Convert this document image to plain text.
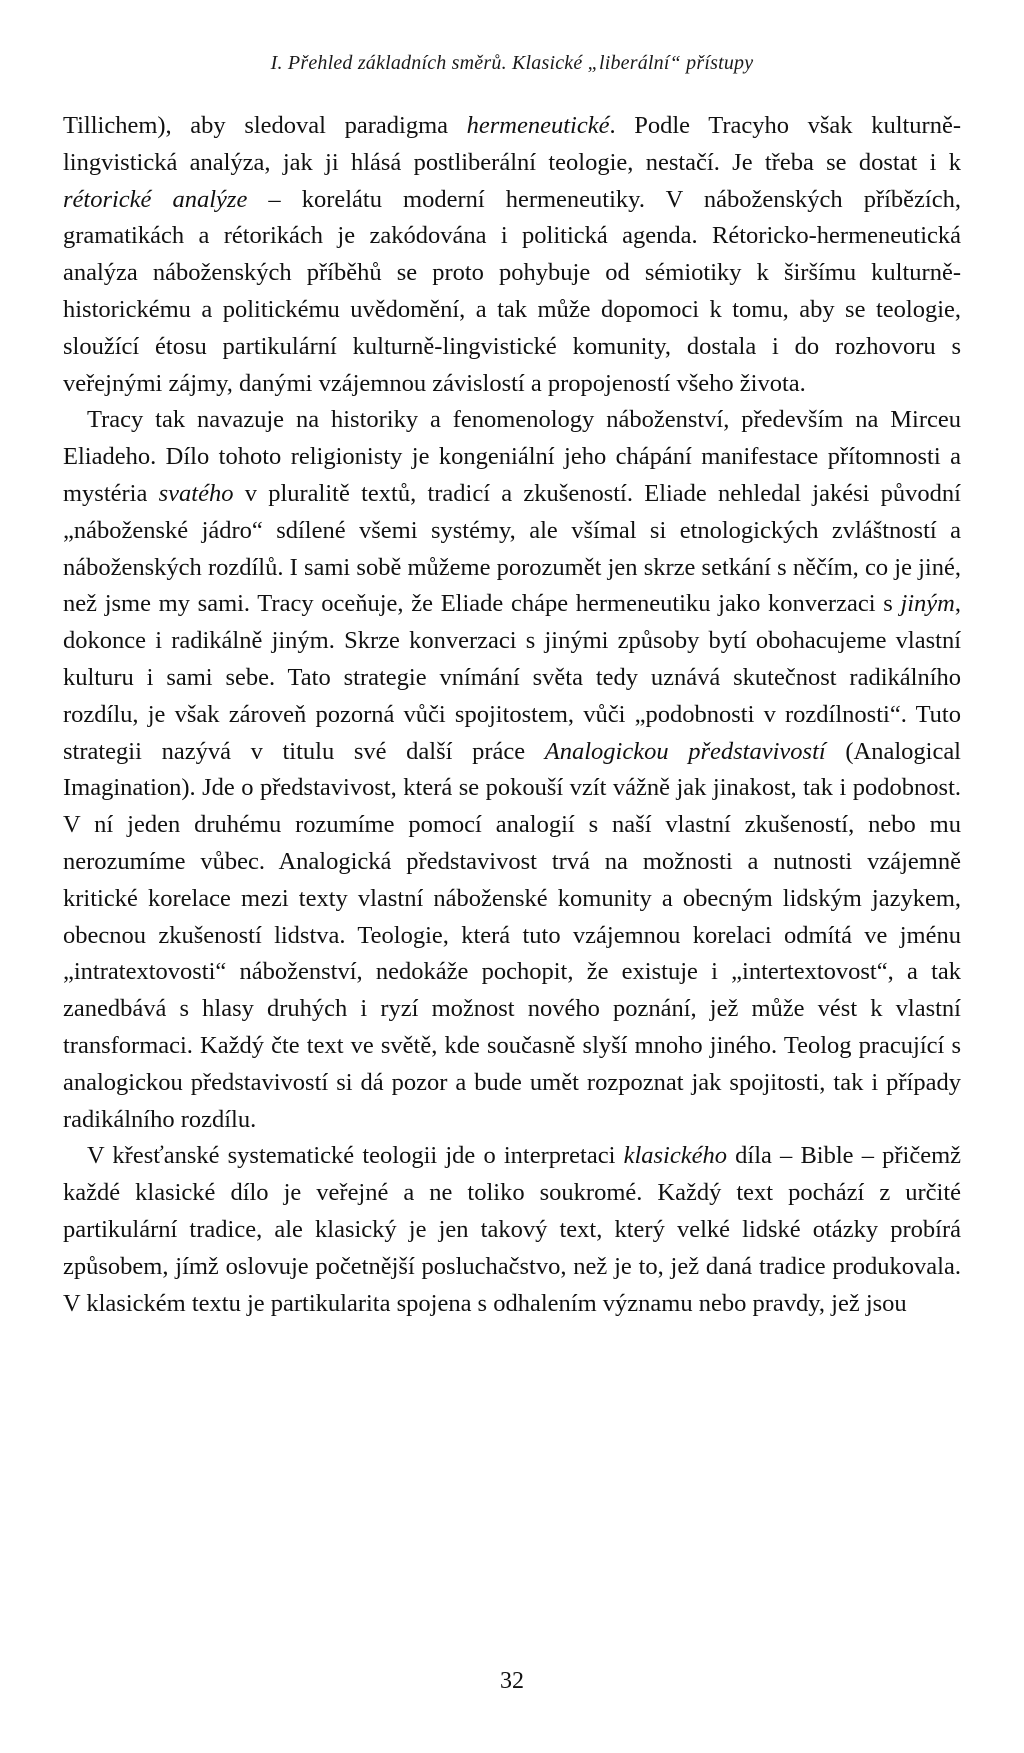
I. Přehled základních směrů. Klasické „liberální“ přístupy

Tillichem), aby sledoval paradigma hermeneutické. Podle Tracyho však kulturně-lingvistická analýza, jak ji hlásá postliberální teologie, nestačí. Je třeba se dostat i k rétorické analýze – korelátu moderní hermeneutiky. V náboženských příbězích, gramatikách a rétorikách je zakódována i politická agenda. Rétoricko-hermeneutická analýza náboženských příběhů se proto pohybuje od sémiotiky k širšímu kulturně-historickému a politickému uvědomění, a tak může dopomoci k tomu, aby se teologie, sloužící étosu partikulární kulturně-lingvistické komunity, dostala i do rozhovoru s veřejnými zájmy, danými vzájemnou závislostí a propojeností všeho života.

Tracy tak navazuje na historiky a fenomenology náboženství, především na Mirceu Eliadeho. Dílo tohoto religionisty je kongeniální jeho chápání manifestace přítomnosti a mystéria svatého v pluralitě textů, tradicí a zkušeností. Eliade nehledal jakési původní „náboženské jádro“ sdílené všemi systémy, ale všímal si etnologických zvláštností a náboženských rozdílů. I sami sobě můžeme porozumět jen skrze setkání s něčím, co je jiné, než jsme my sami. Tracy oceňuje, že Eliade chápe hermeneutiku jako konverzaci s jiným, dokonce i radikálně jiným. Skrze konverzaci s jinými způsoby bytí obohacujeme vlastní kulturu i sami sebe. Tato strategie vnímání světa tedy uznává skutečnost radikálního rozdílu, je však zároveň pozorná vůči spojitostem, vůči „podobnosti v rozdílnosti“. Tuto strategii nazývá v titulu své další práce Analogickou představivostí (Analogical Imagination). Jde o představivost, která se pokouší vzít vážně jak jinakost, tak i podobnost. V ní jeden druhému rozumíme pomocí analogií s naší vlastní zkušeností, nebo mu nerozumíme vůbec. Analogická představivost trvá na možnosti a nutnosti vzájemně kritické korelace mezi texty vlastní náboženské komunity a obecným lidským jazykem, obecnou zkušeností lidstva. Teologie, která tuto vzájemnou korelaci odmítá ve jménu „intratextovosti“ náboženství, nedokáže pochopit, že existuje i „intertextovost“, a tak zanedbává s hlasy druhých i ryzí možnost nového poznání, jež může vést k vlastní transformaci. Každý čte text ve světě, kde současně slyší mnoho jiného. Teolog pracující s analogickou představivostí si dá pozor a bude umět rozpoznat jak spojitosti, tak i případy radikálního rozdílu.

V křesťanské systematické teologii jde o interpretaci klasického díla – Bible – přičemž každé klasické dílo je veřejné a ne toliko soukromé. Každý text pochází z určité partikulární tradice, ale klasický je jen takový text, který velké lidské otázky probírá způsobem, jímž oslovuje početnější posluchačstvo, než je to, jež daná tradice produkovala. V klasickém textu je partikularita spojena s odhalením významu nebo pravdy, jež jsou

32
